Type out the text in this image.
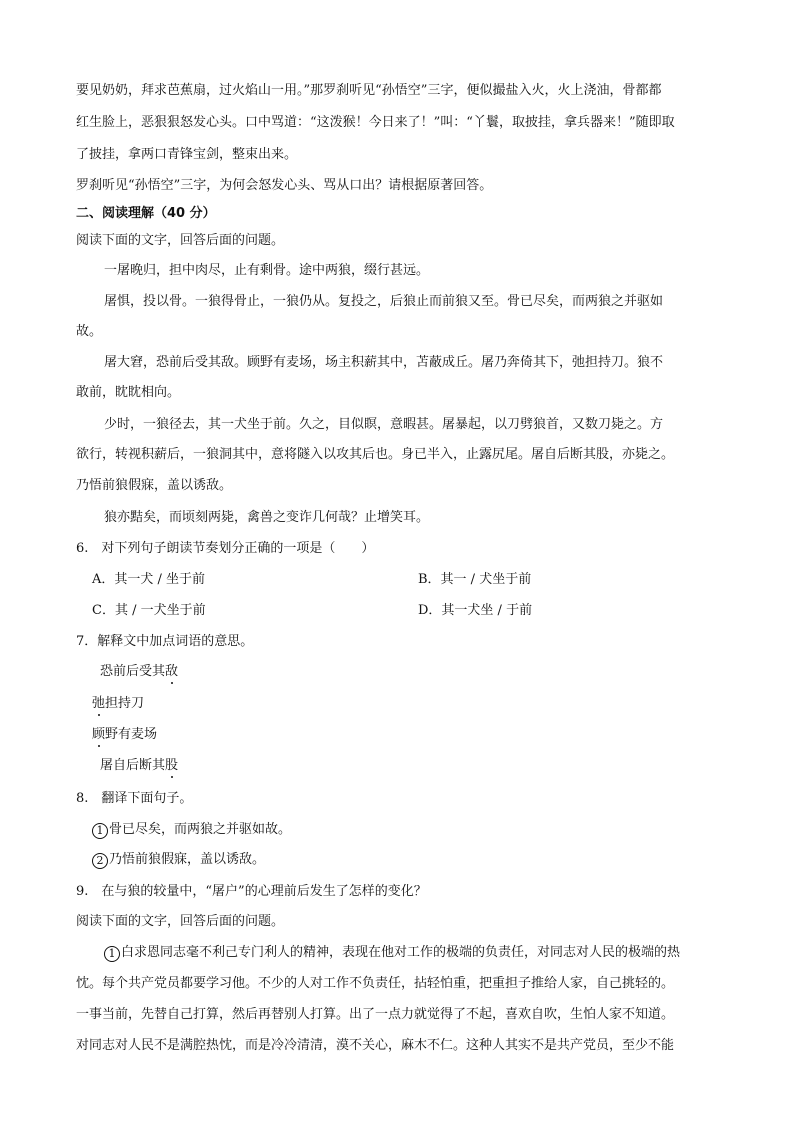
要见奶奶，拜求芭蕉扇，过火焰山一用。”那罗刹听见“孙悟空”三字，便似撮盐入火，火上浇油，骨都都
红生脸上，恶狠狠怒发心头。口中骂道：“这泼猴！今日来了！”叫：“丫鬟，取披挂，拿兵器来！”随即取
了披挂，拿两口青锋宝剑，整束出来。
罗刹听见“孙悟空”三字，为何会怒发心头、骂从口出？请根据原著回答。
二、阅读理解（40 分）
阅读下面的文字，回答后面的问题。
一屠晚归，担中肉尽，止有剩骨。途中两狼，缀行甚远。
屠惧，投以骨。一狼得骨止，一狼仍从。复投之，后狼止而前狼又至。骨已尽矣，而两狼之并驱如
故。
屠大窘，恐前后受其敌。顾野有麦场，场主积薪其中，苫蔽成丘。屠乃奔倚其下，弛担持刀。狼不
敢前，眈眈相向。
少时，一狼径去，其一犬坐于前。久之，目似瞑，意暇甚。屠暴起，以刀劈狼首，又数刀毙之。方
欲行，转视积薪后，一狼洞其中，意将隧入以攻其后也。身已半入，止露尻尾。屠自后断其股，亦毙之。
乃悟前狼假寐，盖以诱敌。
狼亦黠矣，而顷刻两毙，禽兽之变诈几何哉？止增笑耳。
6.　对下列句子朗读节奏划分正确的一项是（　　）
A．其一犬 / 坐于前	B．其一 / 犬坐于前
C．其 / 一犬坐于前	D．其一犬坐 / 于前
7．解释文中加点词语的意思。
恐前后受其敌
弛担持刀
顾野有麦场
屠自后断其股
8.　翻译下面句子。
1 骨已尽矣，而两狼之并驱如故。
2 乃悟前狼假寐，盖以诱敌。
9.　在与狼的较量中，“屠户”的心理前后发生了怎样的变化？
阅读下面的文字，回答后面的问题。
1 白求恩同志毫不利己专门利人的精神，表现在他对工作的极端的负责任，对同志对人民的极端的热
忱。每个共产党员都要学习他。不少的人对工作不负责任，拈轻怕重，把重担子推给人家，自己挑轻的。
一事当前，先替自己打算，然后再替别人打算。出了一点力就觉得了不起，喜欢自吹，生怕人家不知道。
对同志对人民不是满腔热忱，而是冷冷清清，漠不关心，麻木不仁。这种人其实不是共产党员，至少不能
